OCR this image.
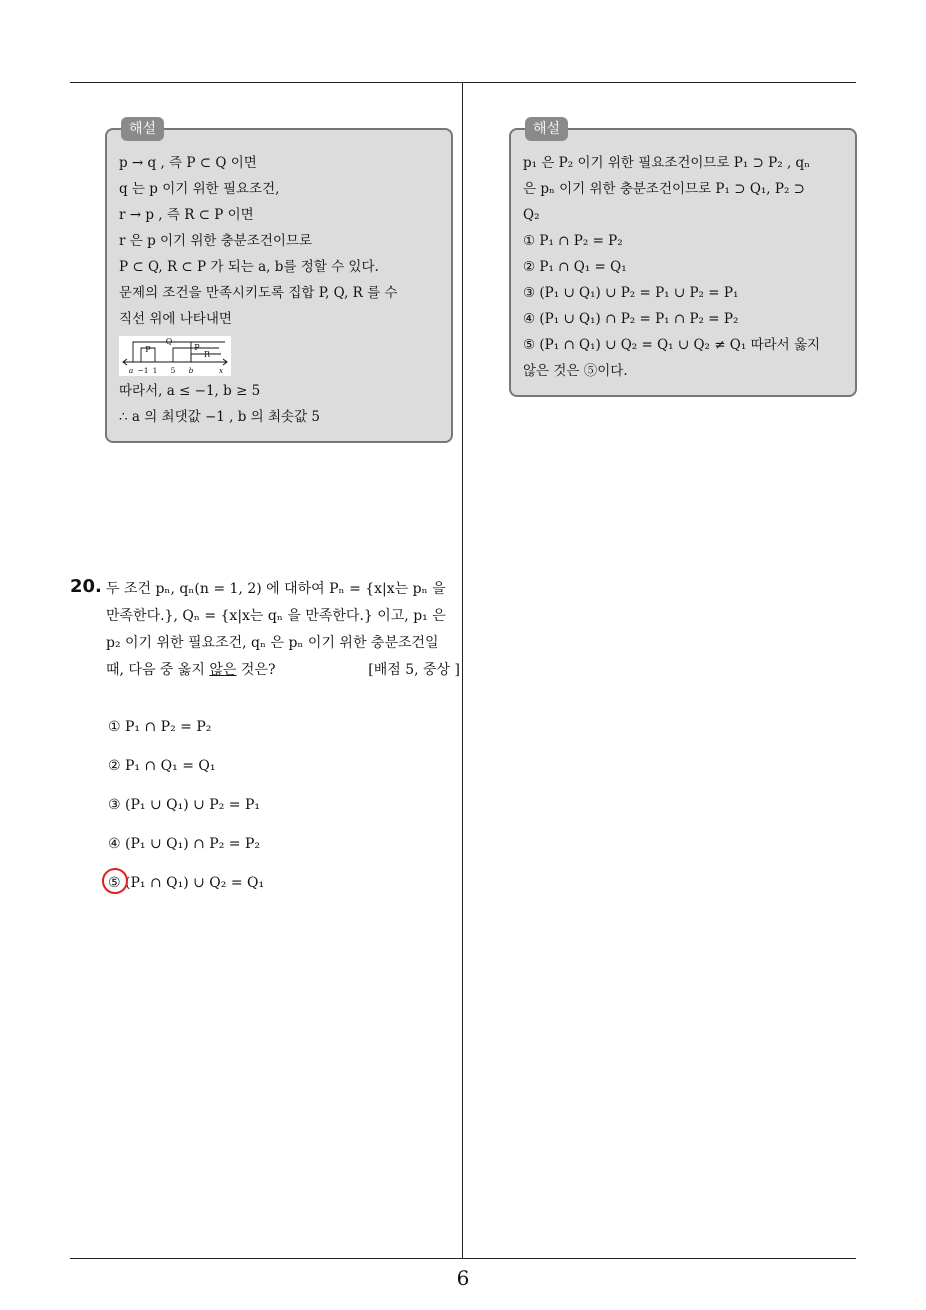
해설
p → q , 즉 P ⊂ Q 이면
q 는 p 이기 위한 필요조건,
r → p , 즉 R ⊂ P 이면
r 은 p 이기 위한 충분조건이므로
P ⊂ Q, R ⊂ P 가 되는 a, b를 정할 수 있다.
문제의 조건을 만족시키도록 집합 P, Q, R 를 수
직선 위에 나타내면
Q
P	P
R
a −1 1 5 b	x
따라서, a ≤ −1, b ≥ 5
∴ a 의 최댓값 −1 , b 의 최솟값 5
해설
p₁ 은 P₂ 이기 위한 필요조건이므로 P₁ ⊃ P₂ , qₙ
은 pₙ 이기 위한 충분조건이므로 P₁ ⊃ Q₁, P₂ ⊃
Q₂
① P₁ ∩ P₂ = P₂
② P₁ ∩ Q₁ = Q₁
③ (P₁ ∪ Q₁) ∪ P₂ = P₁ ∪ P₂ = P₁
④ (P₁ ∪ Q₁) ∩ P₂ = P₁ ∩ P₂ = P₂
⑤ (P₁ ∩ Q₁) ∪ Q₂ = Q₁ ∪ Q₂ ≠ Q₁ 따라서 옳지
않은 것은 ⑤이다.
20. 두 조건 pₙ, qₙ(n = 1, 2) 에 대하여 Pₙ = {x|x는 pₙ 을
만족한다.}, Qₙ = {x|x는 qₙ 을 만족한다.} 이고, p₁ 은
p₂ 이기 위한 필요조건, qₙ 은 pₙ 이기 위한 충분조건일
때, 다음 중 옳지 않은 것은?	[배점 5, 중상 ]
① P₁ ∩ P₂ = P₂
② P₁ ∩ Q₁ = Q₁
③ (P₁ ∪ Q₁) ∪ P₂ = P₁
④ (P₁ ∪ Q₁) ∩ P₂ = P₂
⑤ (P₁ ∩ Q₁) ∪ Q₂ = Q₁
6
